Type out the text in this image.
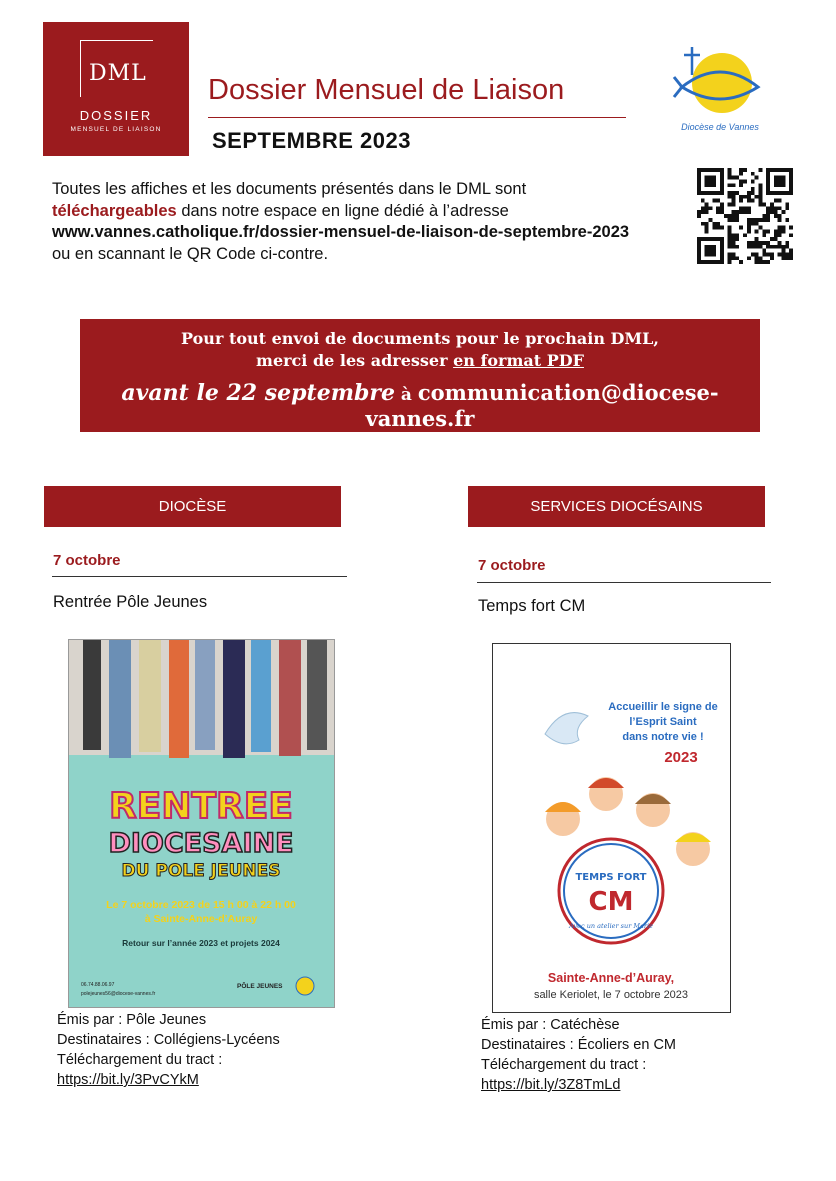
DML
DOSSIER
MENSUEL DE LIAISON
Dossier Mensuel de Liaison
SEPTEMBRE 2023
Diocèse de Vannes
Toutes les affiches et les documents présentés dans le DML sont
téléchargeables dans notre espace en ligne dédié à l’adresse
www.vannes.catholique.fr/dossier-mensuel-de-liaison-de-septembre-2023
ou en scannant le QR Code ci-contre.
Pour tout envoi de documents pour le prochain DML,
merci de les adresser en format PDF
avant le 22 septembre à communication@diocese-vannes.fr
DIOCÈSE
7 octobre
Rentrée Pôle Jeunes
RENTREE
DIOCESAINE
DU POLE JEUNES
Le 7 octobre 2023 de 15 h 00 à 22 h 00
à Sainte-Anne-d’Auray
Retour sur l’année 2023 et projets 2024
06.74.88.06.97
polejeunes56@diocese-vannes.fr
PÔLE JEUNES
Émis par : Pôle Jeunes
Destinataires : Collégiens-Lycéens
Téléchargement du tract :
https://bit.ly/3PvCYkM
SERVICES DIOCÉSAINS
7 octobre
Temps fort CM
Accueillir le signe de
l’Esprit Saint
dans notre vie !
2023
TEMPS FORT
CM
Avec un atelier sur Marie
Sainte-Anne-d’Auray,
salle Keriolet, le 7 octobre 2023
Émis par : Catéchèse
Destinataires : Écoliers en CM
Téléchargement du tract :
https://bit.ly/3Z8TmLd
